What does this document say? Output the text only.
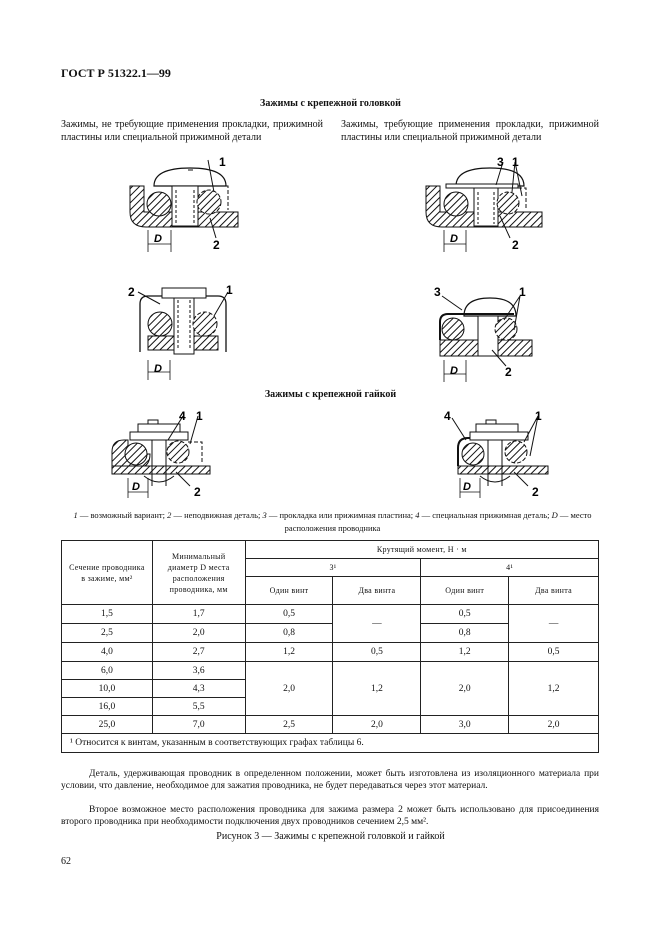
ГОСТ Р 51322.1—99
Зажимы с крепежной головкой
Зажимы, не требующие применения прокладки, прижимной пластины или специальной прижимной детали
Зажимы, требующие применения прокладки, прижимной пластины или специальной прижимной детали
1
2
D
3 1
2
D
2	1
D
3	1
2
D
4 1
2
D
4	1
2
D
Зажимы с крепежной гайкой
1 — возможный вариант; 2 — неподвижная деталь; 3 — прокладка или прижимная пластина; 4 — специальная прижимная деталь; D — место расположения проводника
Сечение проводника в зажиме, мм²	Минимальный диаметр D места расположения проводника, мм	Крутящий момент, Н · м			
		3¹		4¹	
		Один винт	Два винта	Один винт	Два винта
1,5	1,7	0,5	—	0,5	—
2,5	2,0	0,8		0,8	
4,0	2,7	1,2	0,5	1,2	0,5
6,0	3,6	2,0	1,2	2,0	1,2
10,0	4,3				
16,0	5,5				
25,0	7,0	2,5	2,0	3,0	2,0
¹ Относится к винтам, указанным в соответствующих графах таблицы 6.					
Деталь, удерживающая проводник в определенном положении, может быть изготовлена из изоляционного материала при условии, что давление, необходимое для зажатия проводника, не будет передаваться через этот материал.
Второе возможное место расположения проводника для зажима размера 2 может быть использовано для присоединения второго проводника при необходимости подключения двух проводников сечением 2,5 мм².
Рисунок 3 — Зажимы с крепежной головкой и гайкой
62
